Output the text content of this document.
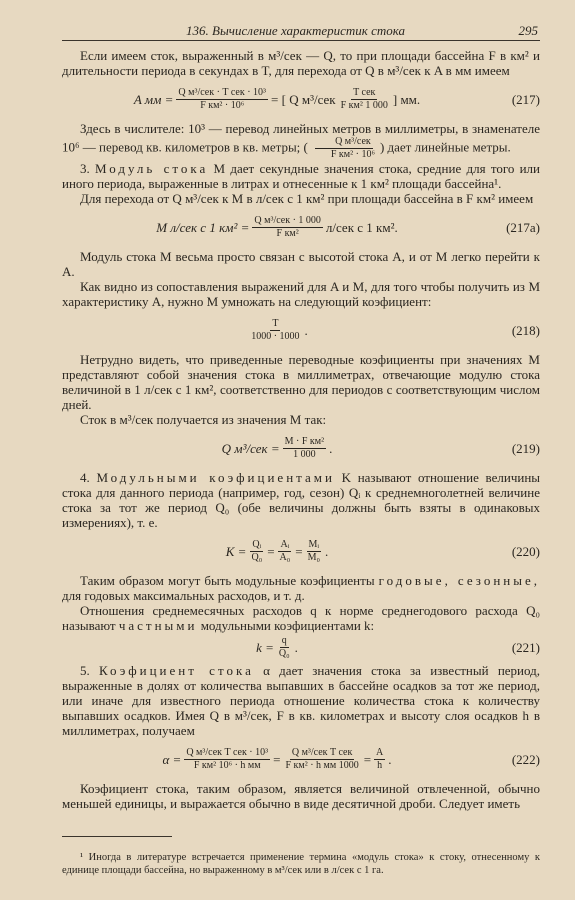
136. Вычисление характеристик стока	295

Если имеем сток, выраженный в м³/сек — Q, то при площади бассейна F в км² и длительности периода в секундах в T, для перехода от Q в м³/сек к A в мм имеем

A мм = $\frac{\text{Q м³/сек · T сек · 10³}}{\text{F км² · 10⁶}}$ = [ Q $м^3/сек \frac{\text{T сек}}{\text{F км² 1 000}}$ ] мм.	(217)

Здесь в числителе: 10³ — перевод линейных метров в миллиметры, в знаменателе 10⁶ — перевод кв. километров в кв. метры; ( $\frac{\text{Q м³/сек}}{\text{F км² · 10⁶}}$ ) дает линейные метры.

3. Модуль стока M дает секундные значения стока, средние для того или иного периода, выраженные в литрах и отнесенные к 1 км² площади бассейна¹.

Для перехода от Q м³/сек к M в л/сек с 1 км² при площади бассейна в F км² имеем

M л/сек с 1 $км^2 = \frac{\text{Q м³/сек · 1 000}}{\text{F км²}} л/сек$ с 1 км².	(217a)

Модуль стока M весьма просто связан с высотой стока A, и от M легко перейти к A.

Как видно из сопоставления выражений для A и M, для того чтобы получить из M характеристику A, нужно M умножать на следующий коэфициент:

$\frac{T}{1000 \cdot 1000}$ .	(218)

Нетрудно видеть, что приведенные переводные коэфициенты при значениях M представляют собой значения стока в миллиметрах, отвечающие модулю стока величиной в 1 л/сек с 1 км², соответственно для периодов с соответствующим числом дней.

Сток в м³/сек получается из значения M так:

Q $м^3/сек = \frac{\text{M · F км²}}{1 000}$ .	(219)

4. Модульными коэфициентами K называют отношение величины стока для данного периода (например, год, сезон) Qᵢ к среднемноголетней величине стока за тот же период Q₀ (обе величины должны быть взяты в одинаковых измерениях), т. е.

$K = \frac{\text{Qᵢ}}{\text{Q₀}} = \frac{\text{Aᵢ}}{\text{A₀}} = \frac{\text{Mᵢ}}{\text{M₀}}$ .	(220)

Таким образом могут быть модульные коэфициенты годовые, сезонные, для годовых максимальных расходов, и т. д.

Отношения среднемесячных расходов q к норме среднегодового расхода Q₀ называют частными модульными коэфициентами k:

$k = \frac{q}{\text{Q₀}}$ .	(221)

5. Коэфициент стока α дает значения стока за известный период, выраженные в долях от количества выпавших в бассейне осадков за тот же период, или иначе для известного периода отношение количества стока к количеству выпавших осадков. Имея Q в м³/сек, F в кв. километрах и высоту слоя осадков h в миллиметрах, получаем

$\alpha = \frac{\text{Q м³/сек T сек · 10³}}{\text{F км² 10⁶ · h мм}} = \frac{\text{Q м³/сек T сек}}{\text{F км² · h мм 1000}} = \frac{A}{h}$ .	(222)

Коэфициент стока, таким образом, является величиной отвлеченной, обычно меньшей единицы, и выражается обычно в виде десятичной дроби. Следует иметь

¹ Иногда в литературе встречается применение термина «модуль стока» к стоку, отнесенному к единице площади бассейна, но выраженному в м³/сек или в л/сек с 1 га.
